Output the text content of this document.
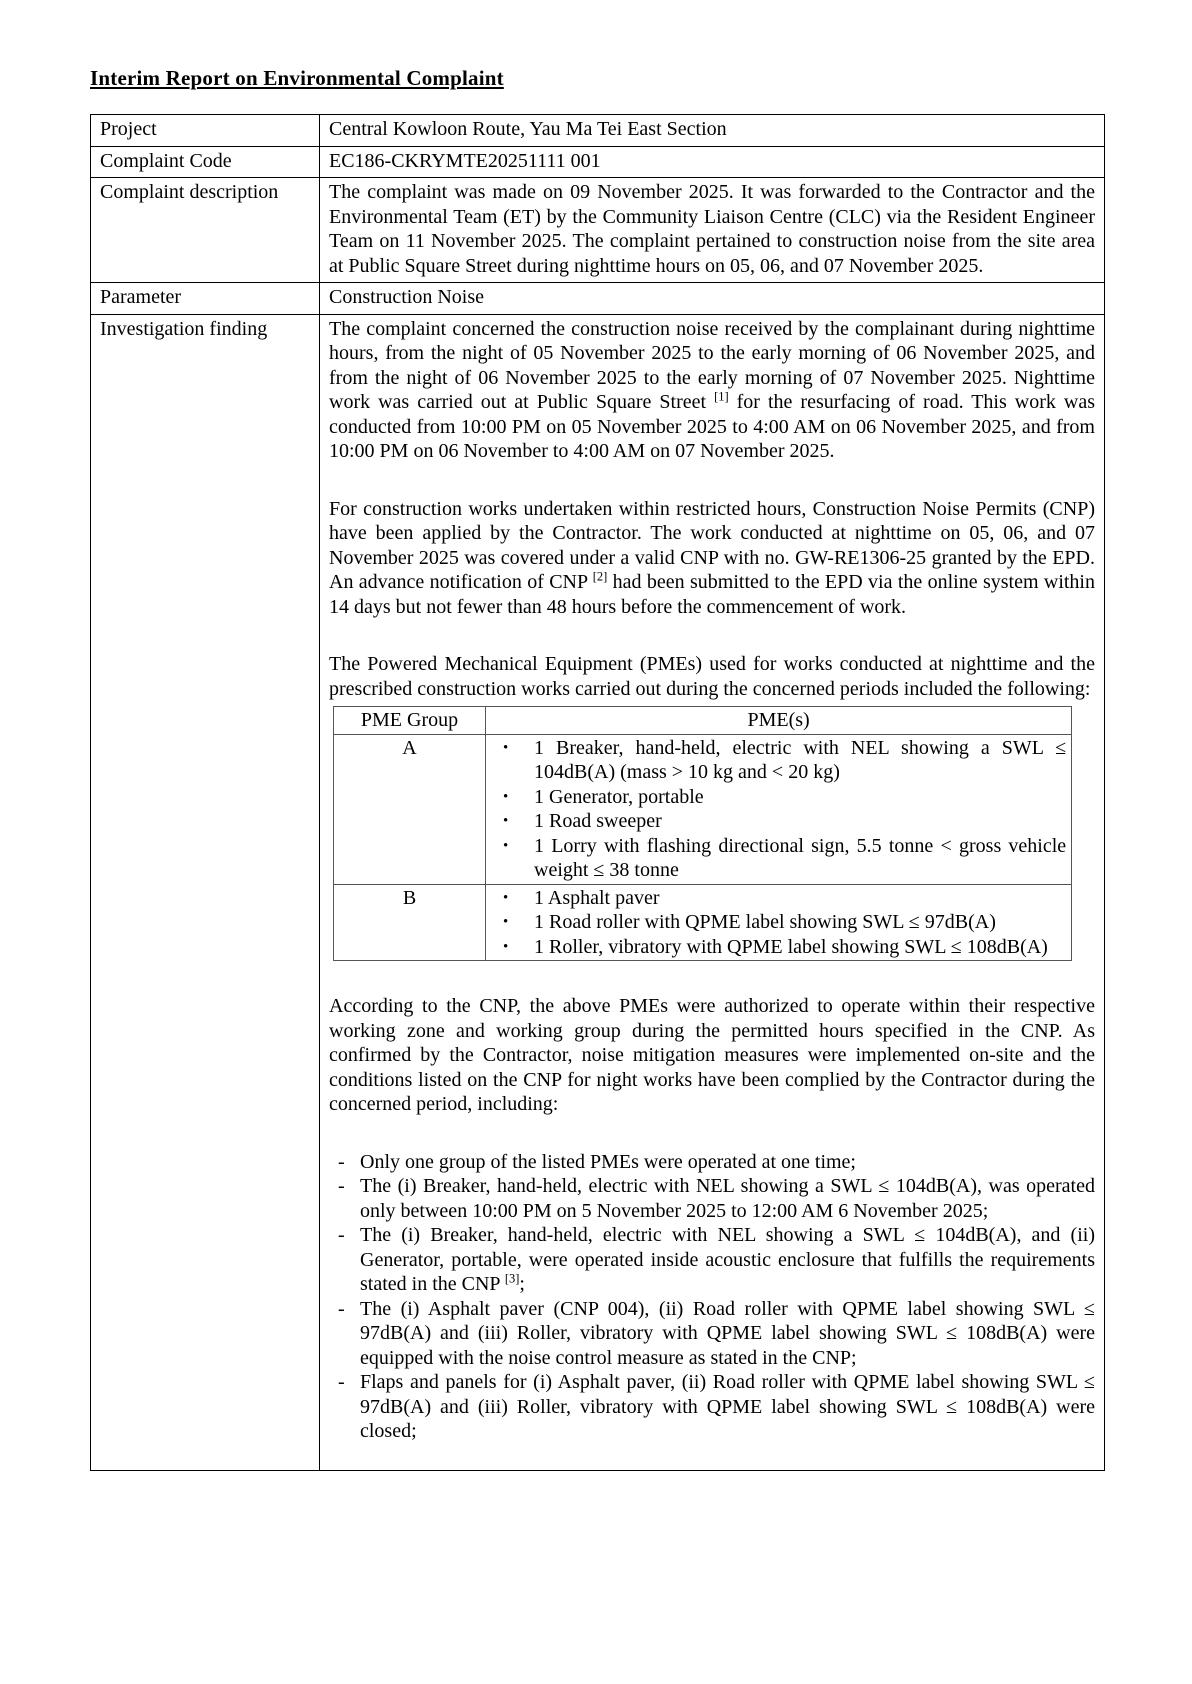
Interim Report on Environmental Complaint
Project	Central Kowloon Route, Yau Ma Tei East Section
Complaint Code	EC186-CKRYMTE20251111 001
Complaint description	The complaint was made on 09 November 2025. It was forwarded to the Contractor and the Environmental Team (ET) by the Community Liaison Centre (CLC) via the Resident Engineer Team on 11 November 2025. The complaint pertained to construction noise from the site area at Public Square Street during nighttime hours on 05, 06, and 07 November 2025.
Parameter	Construction Noise
Investigation finding	The complaint concerned the construction noise received by the complainant during nighttime hours, from the night of 05 November 2025 to the early morning of 06 November 2025, and from the night of 06 November 2025 to the early morning of 07 November 2025. Nighttime work was carried out at Public Square Street [1] for the resurfacing of road. This work was conducted from 10:00 PM on 05 November 2025 to 4:00 AM on 06 November 2025, and from 10:00 PM on 06 November to 4:00 AM on 07 November 2025.

For construction works undertaken within restricted hours, Construction Noise Permits (CNP) have been applied by the Contractor. The work conducted at nighttime on 05, 06, and 07 November 2025 was covered under a valid CNP with no. GW-RE1306-25 granted by the EPD. An advance notification of CNP [2] had been submitted to the EPD via the online system within 14 days but not fewer than 48 hours before the commencement of work.

The Powered Mechanical Equipment (PMEs) used for works conducted at nighttime and the prescribed construction works carried out during the concerned periods included the following:

PME Group	PME(s)
A	•	1 Breaker, hand-held, electric with NEL showing a SWL ≤ 104dB(A) (mass > 10 kg and < 20 kg)
•	1 Generator, portable
•	1 Road sweeper
•	1 Lorry with flashing directional sign, 5.5 tonne < gross vehicle weight ≤ 38 tonne

B	•	1 Asphalt paver
•	1 Road roller with QPME label showing SWL ≤ 97dB(A)
•	1 Roller, vibratory with QPME label showing SWL ≤ 108dB(A)

According to the CNP, the above PMEs were authorized to operate within their respective working zone and working group during the permitted hours specified in the CNP. As confirmed by the Contractor, noise mitigation measures were implemented on-site and the conditions listed on the CNP for night works have been complied by the Contractor during the concerned period, including:

- Only one group of the listed PMEs were operated at one time;
- The (i) Breaker, hand-held, electric with NEL showing a SWL ≤ 104dB(A), was operated only between 10:00 PM on 5 November 2025 to 12:00 AM 6 November 2025;
- The (i) Breaker, hand-held, electric with NEL showing a SWL ≤ 104dB(A), and (ii) Generator, portable, were operated inside acoustic enclosure that fulfills the requirements stated in the CNP [3];
- The (i) Asphalt paver (CNP 004), (ii) Road roller with QPME label showing SWL ≤ 97dB(A) and (iii) Roller, vibratory with QPME label showing SWL ≤ 108dB(A) were equipped with the noise control measure as stated in the CNP;
- Flaps and panels for (i) Asphalt paver, (ii) Road roller with QPME label showing SWL ≤ 97dB(A) and (iii) Roller, vibratory with QPME label showing SWL ≤ 108dB(A) were closed;
